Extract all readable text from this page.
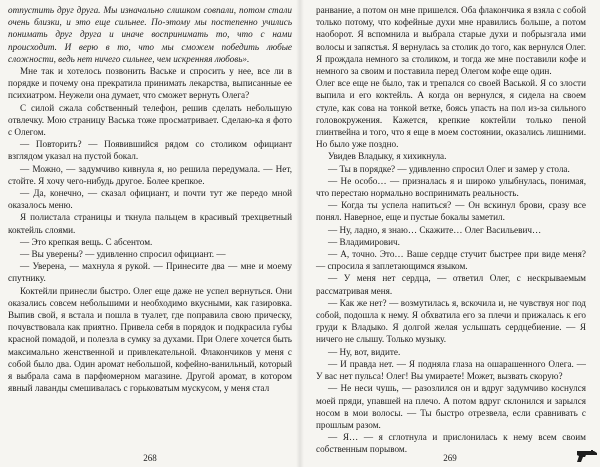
отпустить друг друга. Мы изначально слишком совпали, потом стали очень близки, и это еще сильнее. По-этому мы постепенно учились понимать друг друга и иначе воспринимать то, что с нами происходит. И верю в то, что мы сможем победить любые сложности, ведь нет ничего сильнее, чем искренняя любовь».

Мне так и хотелось позвонить Ваське и спросить у нее, все ли в порядке и почему она прекратила принимать лекарства, выписанные ее психиатром. Неужели она думает, что сможет вернуть Олега?

С силой сжала собственный телефон, решив сделать небольшую отвлечку. Мою страницу Васька тоже просматривает. Сделаю-ка я фото с Олегом.

— Повторить? — Появившийся рядом со столиком официант взглядом указал на пустой бокал.

— Можно, — задумчиво кивнула я, но решила передумала. — Нет, стойте. Я хочу чего-нибудь другое. Более крепкое.

— Да, конечно, — сказал официант, и почти тут же передо мной оказалось меню.

Я полистала страницы и ткнула пальцем в красивый трехцветный коктейль слоями.

— Это крепкая вещь. С абсентом.

— Вы уверены? — удивленно спросил официант. —

— Уверена, — махнула я рукой. — Принесите два — мне и моему спутнику.

Коктейли принесли быстро. Олег еще даже не успел вернуться. Они оказались совсем небольшими и необходимо вкусными, как газировка. Выпив свой, я встала и пошла в туалет, где поправила свою прическу, почувствовала как приятно. Привела себя в порядок и подкрасила губы красной помадой, и полезла в сумку за духами. При Олеге хочется быть максимально женственной и привлекательной. Флакончиков у меня с собой было два. Один аромат небольшой, кофейно-ванильный, который я выбрала сама в парфюмерном магазине. Другой аромат, в котором явный лаванды смешивалась с горьковатым мускусом, у меня стал

268

ранвание, а потом он мне пришелся. Оба флакончика я взяла с собой только потому, что кофейные духи мне нравились больше, а потом наоборот. Я вспомнила и выбрала старые духи и побрызгала ими волосы и запястья. Я вернулась за столик до того, как вернулся Олег. Я прождала немного за столиком, и тогда же мне поставили кофе и немного за своим и поставила перед Олегом кофе еще один.

Олег все еще не было, так и трепался со своей Васькой. Я со злости выпила и его коктейль. А когда он вернулся, я сидела на своем стуле, как сова на тонкой ветке, боясь упасть на пол из-за сильного головокружения. Кажется, крепкие коктейли только пеной глинтвейна и того, что я еще в моем состоянии, оказались лишними. Но было уже поздно.

Увидев Владыку, я хихикнула.

— Ты в порядке? — удивленно спросил Олег и замер у стола.

— Не особо… — призналась я и широко улыбнулась, понимая, что перестаю нормально воспринимать реальность.

— Когда ты успела напиться? — Он вскинул брови, сразу все понял. Наверное, еще и пустые бокалы заметил.

— Ну, ладно, я знаю… Скажите… Олег Васильевич…

— Владимирович.

— А, точно. Это… Ваше сердце стучит быстрее при виде меня? — спросила я заплетающимся языком.

— У меня нет сердца, — ответил Олег, с нескрываемым рассматривая меня.

— Как же нет? — возмутилась я, вскочила и, не чувствуя ног под собой, подошла к нему. Я обхватила его за плечи и прижалась к его груди к Владыко. Я долгой желая услышать сердцебиение. — Я ничего не слышу. Только музыку.

— Ну, вот, видите.

— И правда нет. — Я подняла глаза на ошарашенного Олега. — У вас нет пульса! Олег! Вы умираете! Может, вызвать скорую?

— Не неси чушь, — разозлился он и вдруг задумчиво коснулся моей пряди, упавшей на плечо. А потом вдруг склонился и зарылся носом в мои волосы. — Ты быстро отрезвела, если сравнивать с прошлым разом.

— Я… — я сглотнула и прислонилась к нему всем своим собственным порывом.

269
